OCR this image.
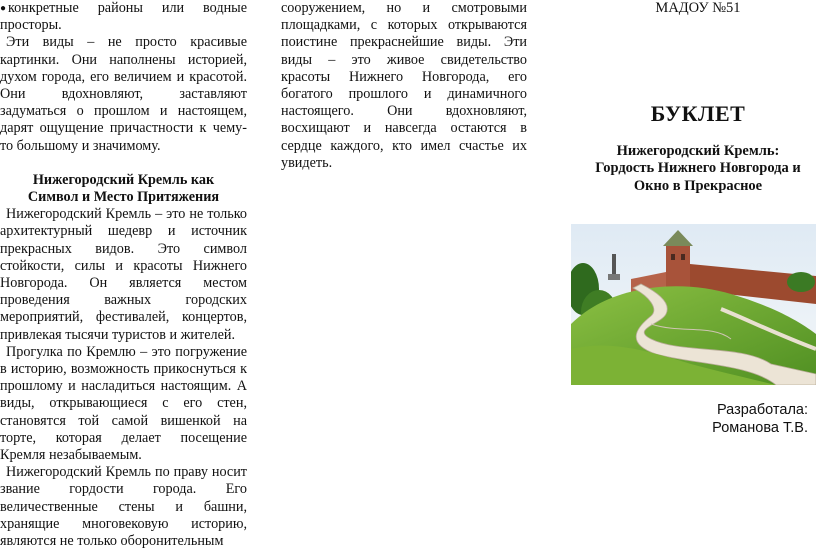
● конкретные районы или водные просторы.

Эти виды – не просто красивые картинки. Они наполнены историей, духом города, его величием и красотой. Они вдохновляют, заставляют задуматься о прошлом и настоящем, дарят ощущение причастности к чему-то большому и значимому.

Нижегородский Кремль как
Символ и Место Притяжения

Нижегородский Кремль – это не только архитектурный шедевр и источник прекрасных видов. Это символ стойкости, силы и красоты Нижнего Новгорода. Он является местом проведения важных городских мероприятий, фестивалей, концертов, привлекая тысячи туристов и жителей.

Прогулка по Кремлю – это погружение в историю, возможность прикоснуться к прошлому и насладиться настоящим. А виды, открывающиеся с его стен, становятся той самой вишенкой на торте, которая делает посещение Кремля незабываемым.

Нижегородский Кремль по праву носит звание гордости города. Его величественные стены и башни, хранящие многовековую историю, являются не только оборонительным

сооружением, но и смотровыми площадками, с которых открываются поистине прекраснейшие виды. Эти виды – это живое свидетельство красоты Нижнего Новгорода, его богатого прошлого и динамичного настоящего. Они вдохновляют, восхищают и навсегда остаются в сердце каждого, кто имел счастье их увидеть.

МАДОУ №51
БУКЛЕТ
Нижегородский Кремль:
Гордость Нижнего Новгорода и
Окно в Прекрасное
Разработала:
Романова Т.В.
